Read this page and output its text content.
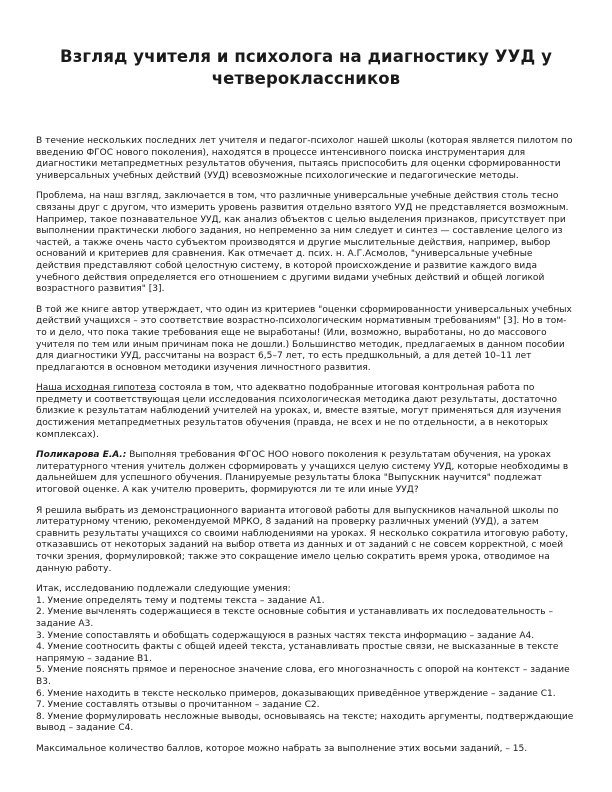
Взгляд учителя и психолога на диагностику УУД у четвероклассников

В течение нескольких последних лет учителя и педагог-психолог нашей школы (которая является пилотом по введению ФГОС нового поколения), находятся в процессе интенсивного поиска инструментария для диагностики метапредметных результатов обучения, пытаясь приспособить для оценки сформированности универсальных учебных действий (УУД) всевозможные психологические и педагогические методы.

Проблема, на наш взгляд, заключается в том, что различные универсальные учебные действия столь тесно связаны друг с другом, что измерить уровень развития отдельно взятого УУД не представляется возможным. Например, такое познавательное УУД, как анализ объектов с целью выделения признаков, присутствует при выполнении практически любого задания, но непременно за ним следует и синтез — составление целого из частей, а также очень часто субъектом производятся и другие мыслительные действия, например, выбор оснований и критериев для сравнения. Как отмечает д. псих. н. А.Г.Асмолов, "универсальные учебные действия представляют собой целостную систему, в которой происхождение и развитие каждого вида учебного действия определяется его отношением с другими видами учебных действий и общей логикой возрастного развития" [3].

В той же книге автор утверждает, что один из критериев "оценки сформированности универсальных учебных действий учащихся – это соответствие возрастно-психологическим нормативным требованиям" [3]. Но в том-то и дело, что пока такие требования еще не выработаны! (Или, возможно, выработаны, но до массового учителя по тем или иным причинам пока не дошли.) Большинство методик, предлагаемых в данном пособии для диагностики УУД, рассчитаны на возраст 6,5–7 лет, то есть предшкольный, а для детей 10–11 лет предлагаются в основном методики изучения личностного развития.

Наша исходная гипотеза состояла в том, что адекватно подобранные итоговая контрольная работа по предмету и соответствующая цели исследования психологическая методика дают результаты, достаточно близкие к результатам наблюдений учителей на уроках, и, вместе взятые, могут применяться для изучения достижения метапредметных результатов обучения (правда, не всех и не по отдельности, а в некоторых комплексах).

Поликарова Е.А.: Выполняя требования ФГОС НОО нового поколения к результатам обучения, на уроках литературного чтения учитель должен сформировать у учащихся целую систему УУД, которые необходимы в дальнейшем для успешного обучения. Планируемые результаты блока "Выпускник научится" подлежат итоговой оценке. А как учителю проверить, формируются ли те или иные УУД?

Я решила выбрать из демонстрационного варианта итоговой работы для выпускников начальной школы по литературному чтению, рекомендуемой МРКО, 8 заданий на проверку различных умений (УУД), а затем сравнить результаты учащихся со своими наблюдениями на уроках. Я несколько сократила итоговую работу, отказавшись от некоторых заданий на выбор ответа из данных и от заданий с не совсем корректной, с моей точки зрения, формулировкой; также это сокращение имело целью сократить время урока, отводимое на данную работу.

Итак, исследованию подлежали следующие умения:

1. Умение определять тему и подтемы текста – задание А1.
2. Умение вычленять содержащиеся в тексте основные события и устанавливать их последовательность – задание А3.
3. Умение сопоставлять и обобщать содержащуюся в разных частях текста информацию – задание А4.
4. Умение соотносить факты с общей идеей текста, устанавливать простые связи, не высказанные в тексте напрямую – задание В1.
5. Умение пояснять прямое и переносное значение слова, его многозначность с опорой на контекст – задание В3.
6. Умение находить в тексте несколько примеров, доказывающих приведённое утверждение – задание С1.
7. Умение составлять отзывы о прочитанном – задание С2.
8. Умение формулировать несложные выводы, основываясь на тексте; находить аргументы, подтверждающие вывод – задание С4.

Максимальное количество баллов, которое можно набрать за выполнение этих восьми заданий, – 15.
